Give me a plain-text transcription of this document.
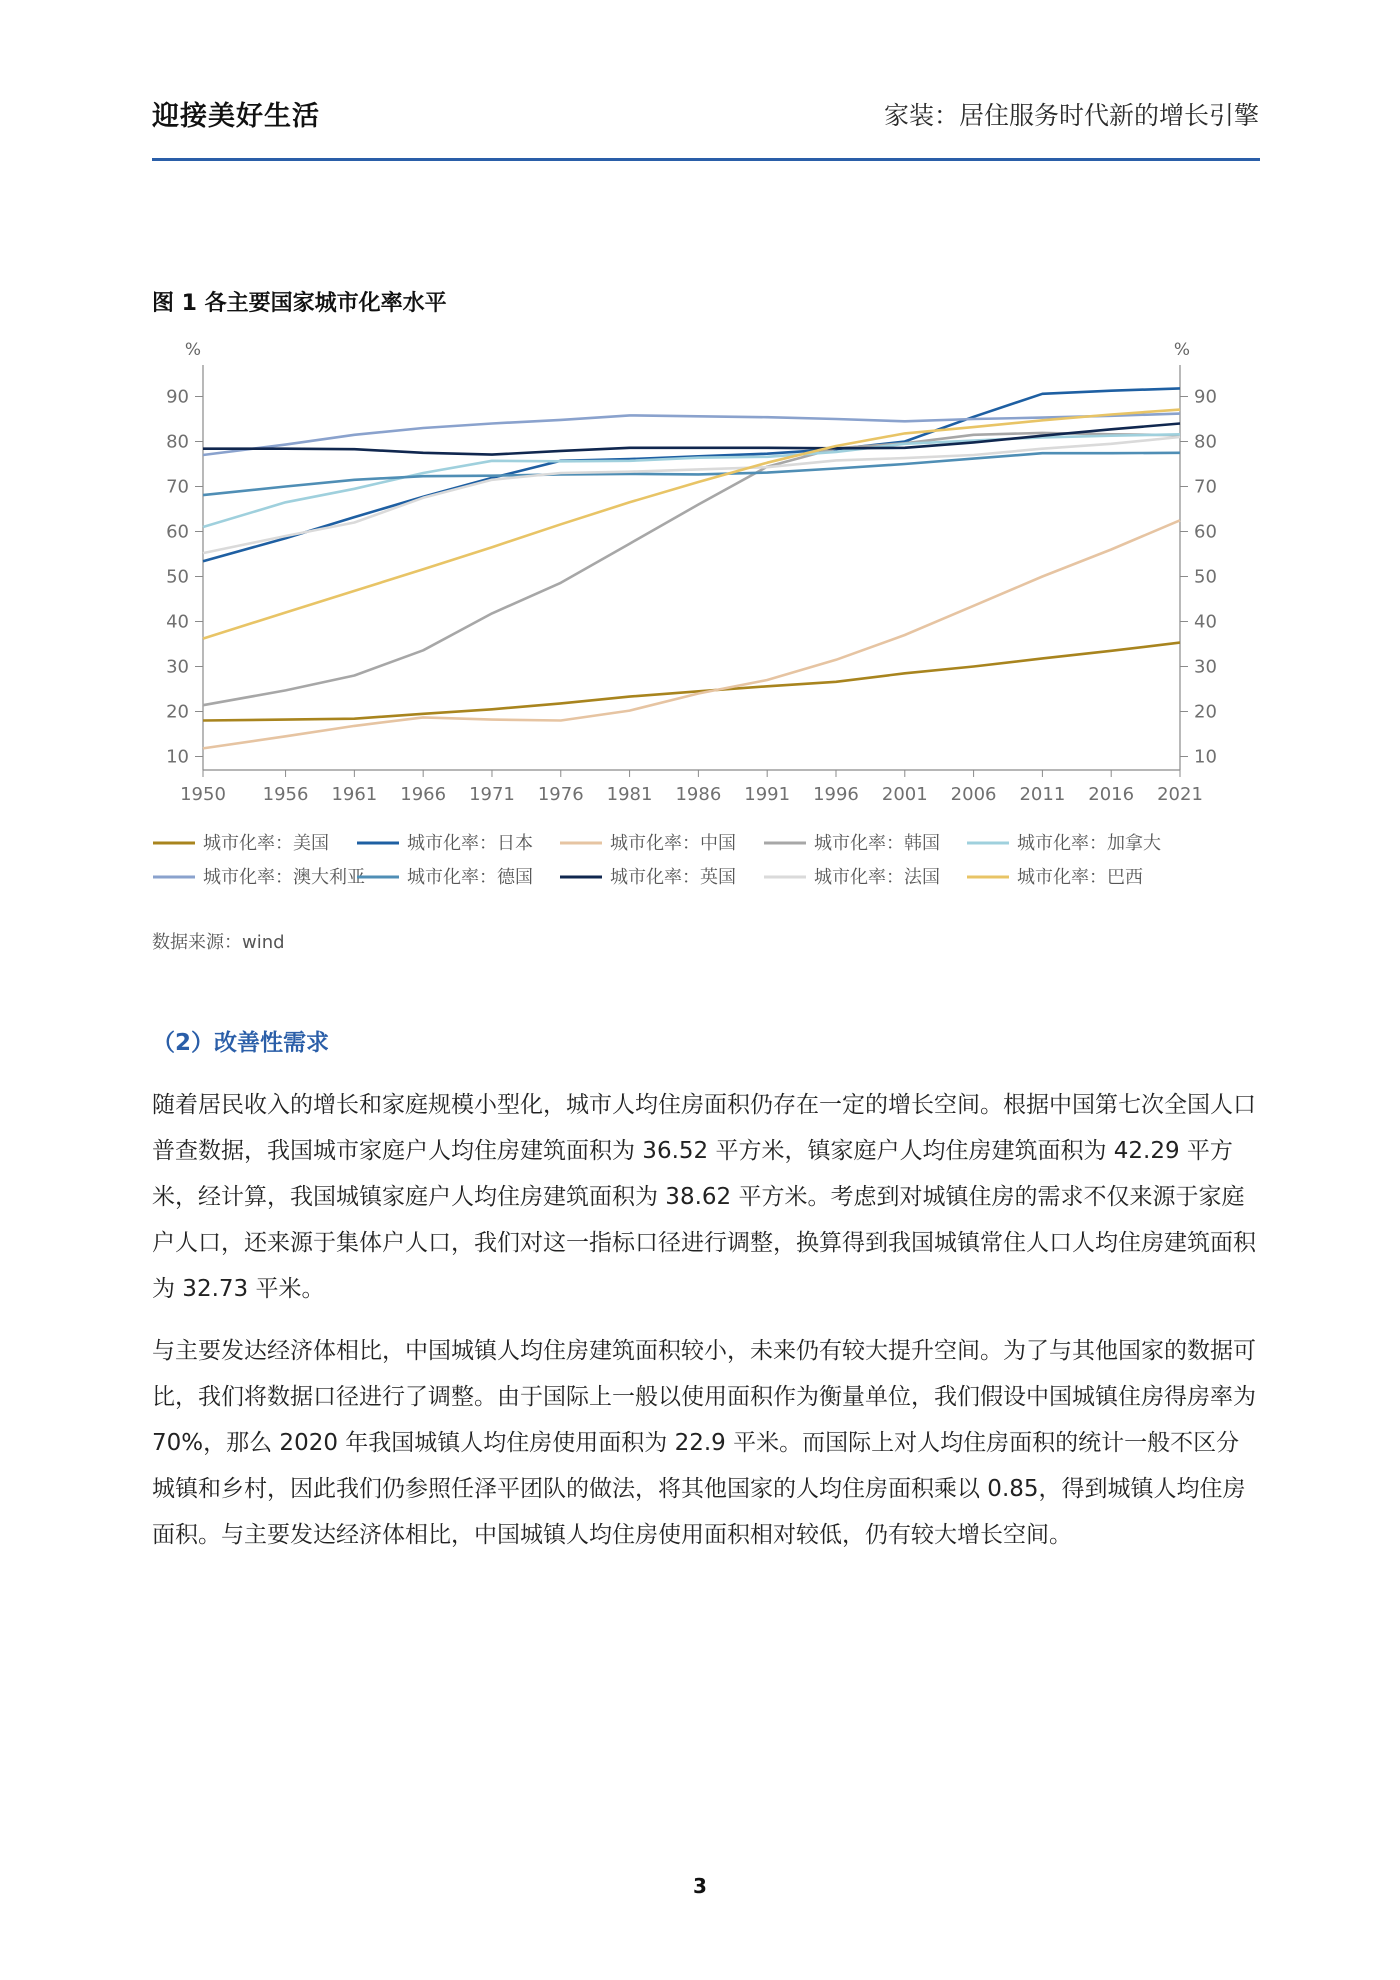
迎接美好生活	家装：居住服务时代新的增长引擎
图 1 各主要国家城市化率水平
%	%
10	10
20	20
30	30
40	40
50	50
60	60
70	70
80	80
90	90
1950 1956 1961 1966 1971 1976 1981 1986 1991 1996 2001 2006 2011 2016 2021
城市化率：美国	城市化率：日本	城市化率：中国	城市化率：韩国	城市化率：加拿大
城市化率：澳大利亚 城市化率：德国	城市化率：英国	城市化率：法国	城市化率：巴西
数据来源：wind
（2）改善性需求
随着居民收入的增长和家庭规模小型化，城市人均住房面积仍存在一定的增长空间。根据中国第七次全国人口普查数据，我国城市家庭户人均住房建筑面积为 36.52 平方米，镇家庭户人均住房建筑面积为 42.29 平方米，经计算，我国城镇家庭户人均住房建筑面积为 38.62 平方米。考虑到对城镇住房的需求不仅来源于家庭户人口，还来源于集体户人口，我们对这一指标口径进行调整，换算得到我国城镇常住人口人均住房建筑面积为 32.73 平米。
与主要发达经济体相比，中国城镇人均住房建筑面积较小，未来仍有较大提升空间。为了与其他国家的数据可比，我们将数据口径进行了调整。由于国际上一般以使用面积作为衡量单位，我们假设中国城镇住房得房率为 70%，那么 2020 年我国城镇人均住房使用面积为 22.9 平米。而国际上对人均住房面积的统计一般不区分城镇和乡村，因此我们仍参照任泽平团队的做法，将其他国家的人均住房面积乘以 0.85，得到城镇人均住房面积。与主要发达经济体相比，中国城镇人均住房使用面积相对较低，仍有较大增长空间。
3
